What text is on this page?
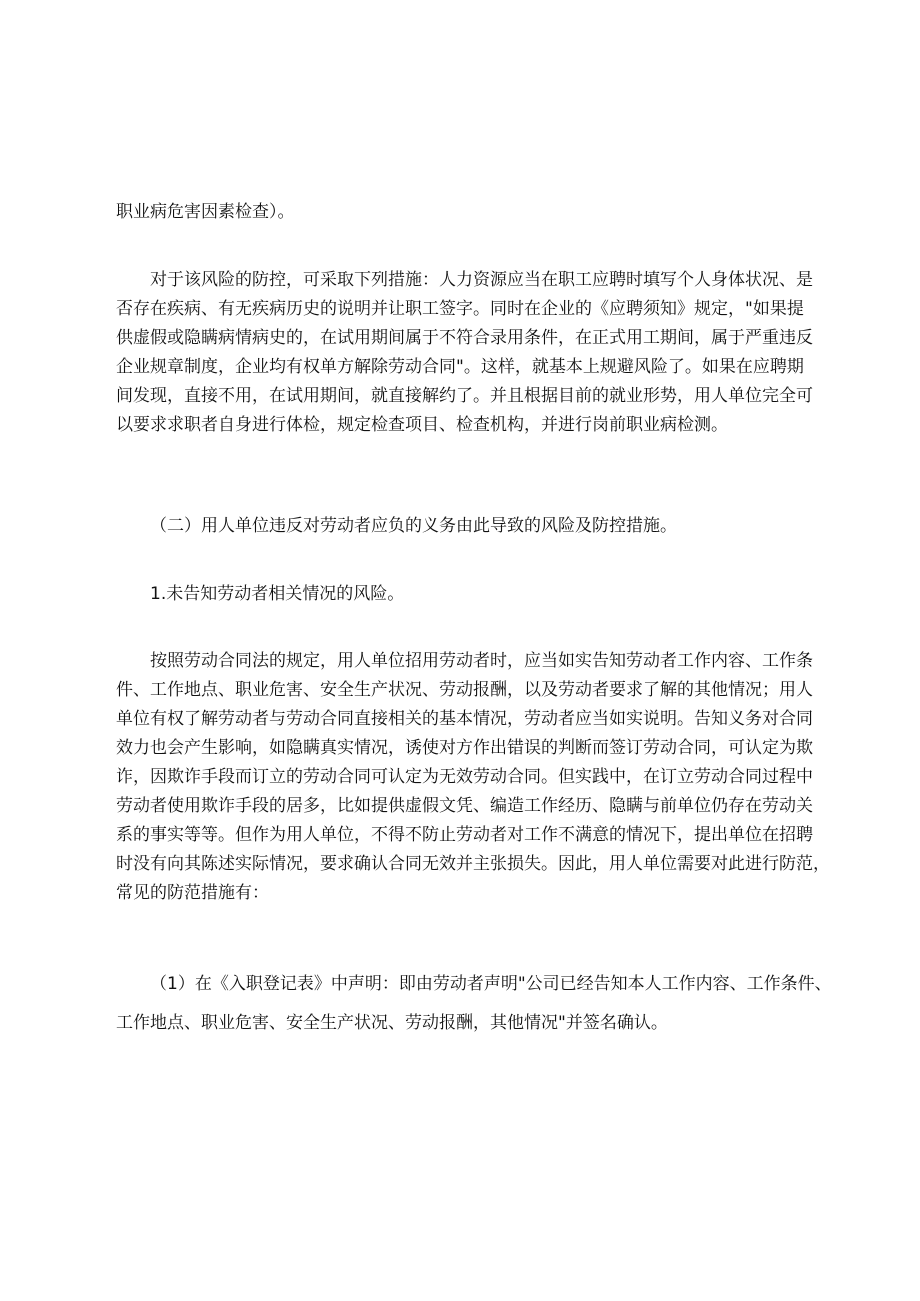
职业病危害因素检查）。

对于该风险的防控，可采取下列措施：人力资源应当在职工应聘时填写个人身体状况、是

否存在疾病、有无疾病历史的说明并让职工签字。同时在企业的《应聘须知》规定，"如果提

供虚假或隐瞒病情病史的，在试用期间属于不符合录用条件，在正式用工期间，属于严重违反

企业规章制度，企业均有权单方解除劳动合同"。这样，就基本上规避风险了。如果在应聘期

间发现，直接不用，在试用期间，就直接解约了。并且根据目前的就业形势，用人单位完全可

以要求求职者自身进行体检，规定检查项目、检查机构，并进行岗前职业病检测。

（二）用人单位违反对劳动者应负的义务由此导致的风险及防控措施。

1.未告知劳动者相关情况的风险。

按照劳动合同法的规定，用人单位招用劳动者时，应当如实告知劳动者工作内容、工作条

件、工作地点、职业危害、安全生产状况、劳动报酬，以及劳动者要求了解的其他情况；用人

单位有权了解劳动者与劳动合同直接相关的基本情况，劳动者应当如实说明。告知义务对合同

效力也会产生影响，如隐瞒真实情况，诱使对方作出错误的判断而签订劳动合同，可认定为欺

诈，因欺诈手段而订立的劳动合同可认定为无效劳动合同。但实践中，在订立劳动合同过程中

劳动者使用欺诈手段的居多，比如提供虚假文凭、编造工作经历、隐瞒与前单位仍存在劳动关

系的事实等等。但作为用人单位，不得不防止劳动者对工作不满意的情况下，提出单位在招聘

时没有向其陈述实际情况，要求确认合同无效并主张损失。因此，用人单位需要对此进行防范，

常见的防范措施有：

（1）在《入职登记表》中声明：即由劳动者声明"公司已经告知本人工作内容、工作条件、

工作地点、职业危害、安全生产状况、劳动报酬，其他情况"并签名确认。
